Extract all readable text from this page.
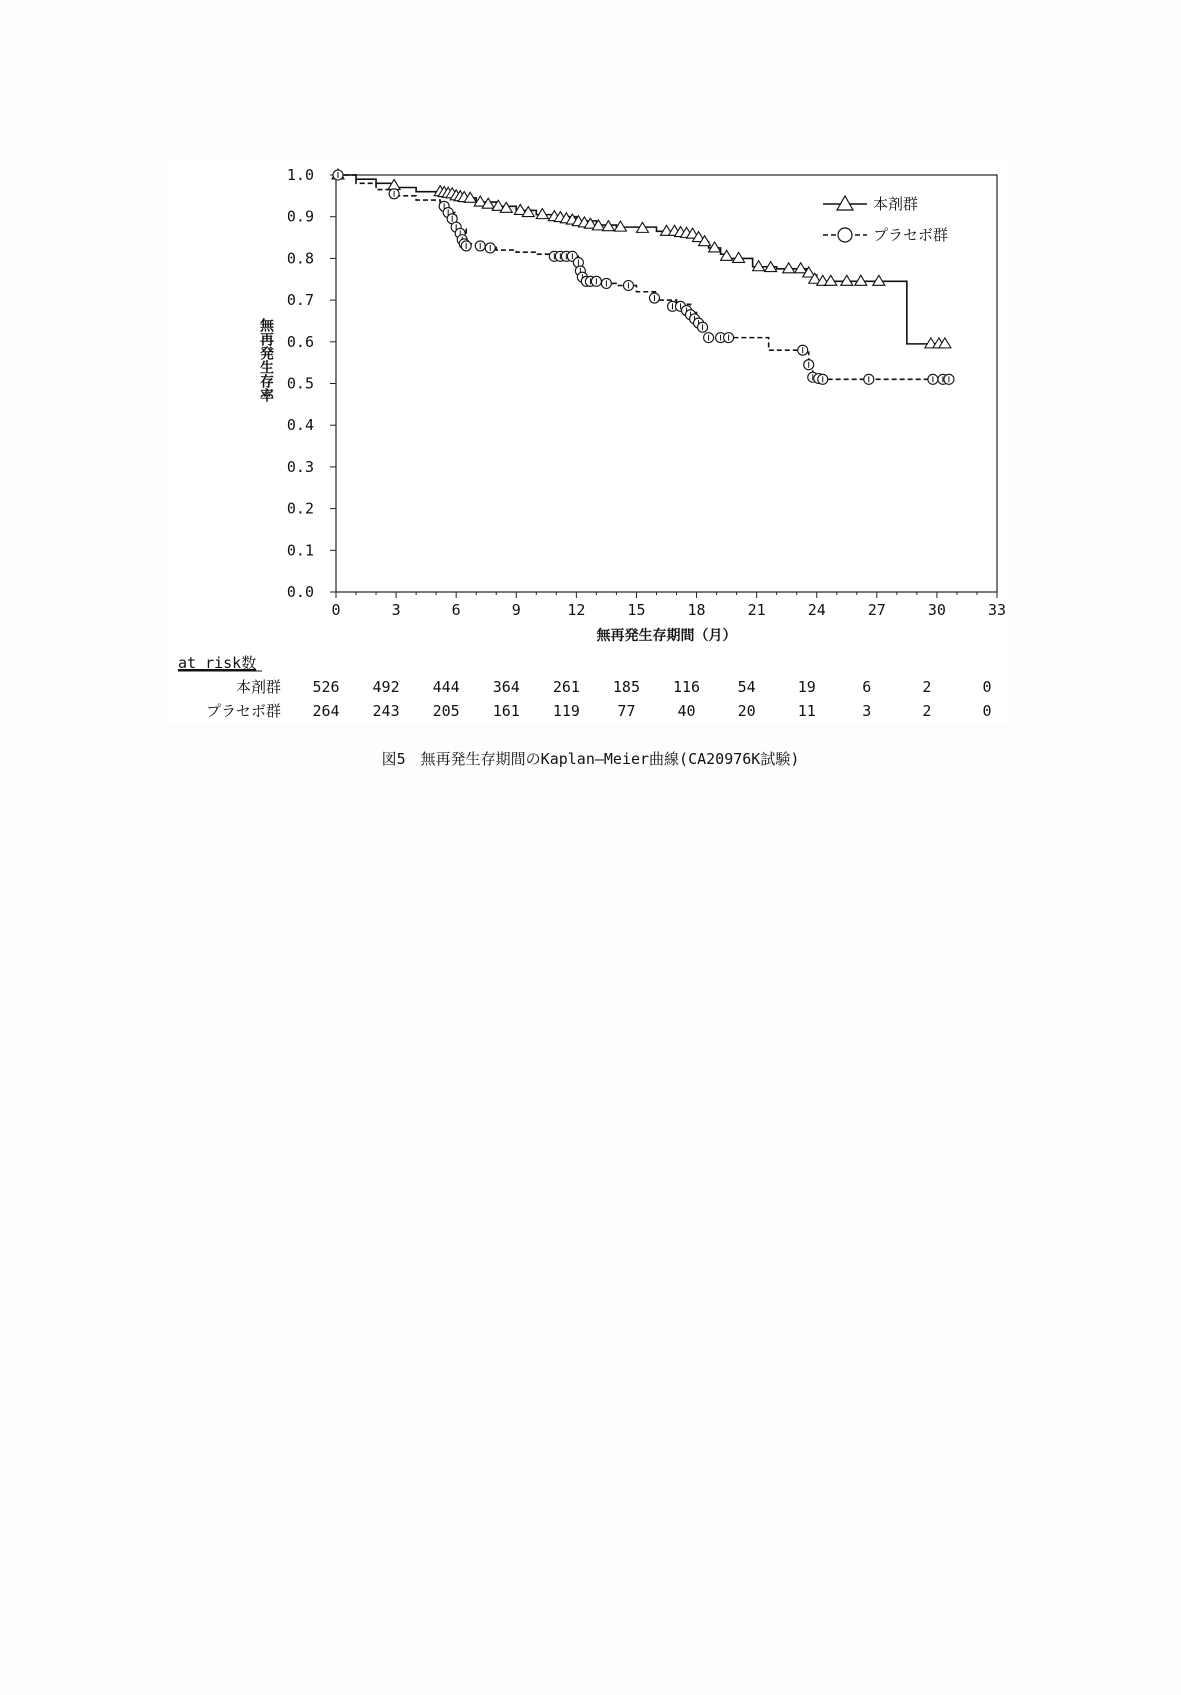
0.0
0.1
0.2
0.3
0.4
0.5
0.6
0.7
0.8
0.9
1.0
0	3	6	9	12	15	18	21	24	27	30	33
無再発生存期間（月）
無再発生存率
本剤群
プラセボ群
at risk数
本剤群 526 492 444 364 261 185 116	54	19	6	2	0
プラセボ群 264 243 205 161 119	77	40	20	11	3	2	0
図5　無再発生存期間のKaplan―Meier曲線(CA20976K試験)
